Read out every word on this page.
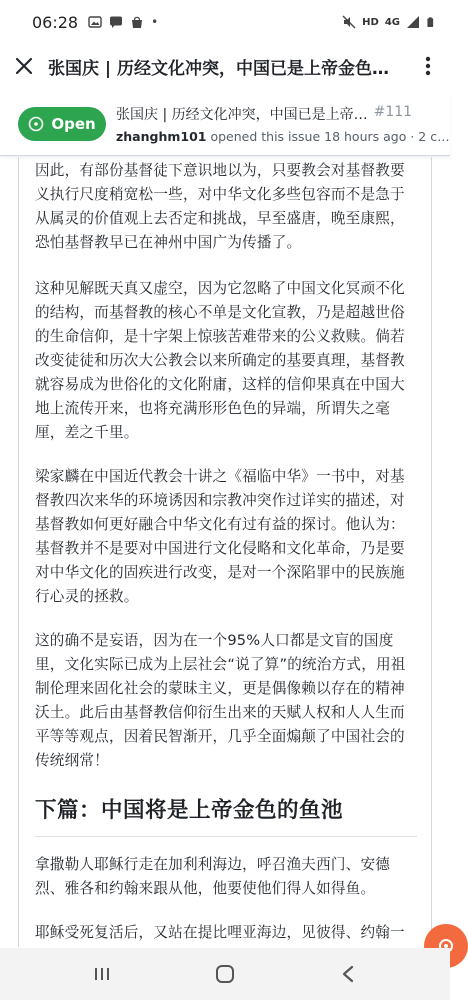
06:28	•	HD 4G
张国庆 | 历经文化冲突，中国已是上帝金色…
Open 张国庆 | 历经文化冲突，中国已是上帝… #111
zhanghm101 opened this issue 18 hours ago · 2 c…

因此，有部份基督徒下意识地以为，只要教会对基督教要义执行尺度稍宽松一些，对中华文化多些包容而不是急于从属灵的价值观上去否定和挑战，早至盛唐，晚至康熙，恐怕基督教早已在神州中国广为传播了。

这种见解既天真又虚空，因为它忽略了中国文化冥顽不化的结构，而基督教的核心不单是文化宣教，乃是超越世俗的生命信仰，是十字架上惊骇苦难带来的公义救赎。倘若改变徒徒和历次大公教会以来所确定的基要真理，基督教就容易成为世俗化的文化附庸，这样的信仰果真在中国大地上流传开来，也将充满形形色色的异端，所谓失之毫厘，差之千里。

梁家麟在中国近代教会十讲之《福临中华》一书中，对基督教四次来华的环境诱因和宗教冲突作过详实的描述，对基督教如何更好融合中华文化有过有益的探讨。他认为：基督教并不是要对中国进行文化侵略和文化革命，乃是要对中华文化的固疾进行改变，是对一个深陷罪中的民族施行心灵的拯救。

这的确不是妄语，因为在一个95%人口都是文盲的国度里，文化实际已成为上层社会“说了算”的统治方式，用祖制伦理来固化社会的蒙昧主义，更是偶像赖以存在的精神沃土。此后由基督教信仰衍生出来的天赋人权和人人生而平等等观点，因着民智渐开，几乎全面煽颠了中国社会的传统纲常！

下篇：中国将是上帝金色的鱼池

拿撒勒人耶稣行走在加利利海边，呼召渔夫西门、安德烈、雅各和约翰来跟从他，他要使他们得人如得鱼。

耶稣受死复活后，又站在提比哩亚海边，见彼得、约翰一
